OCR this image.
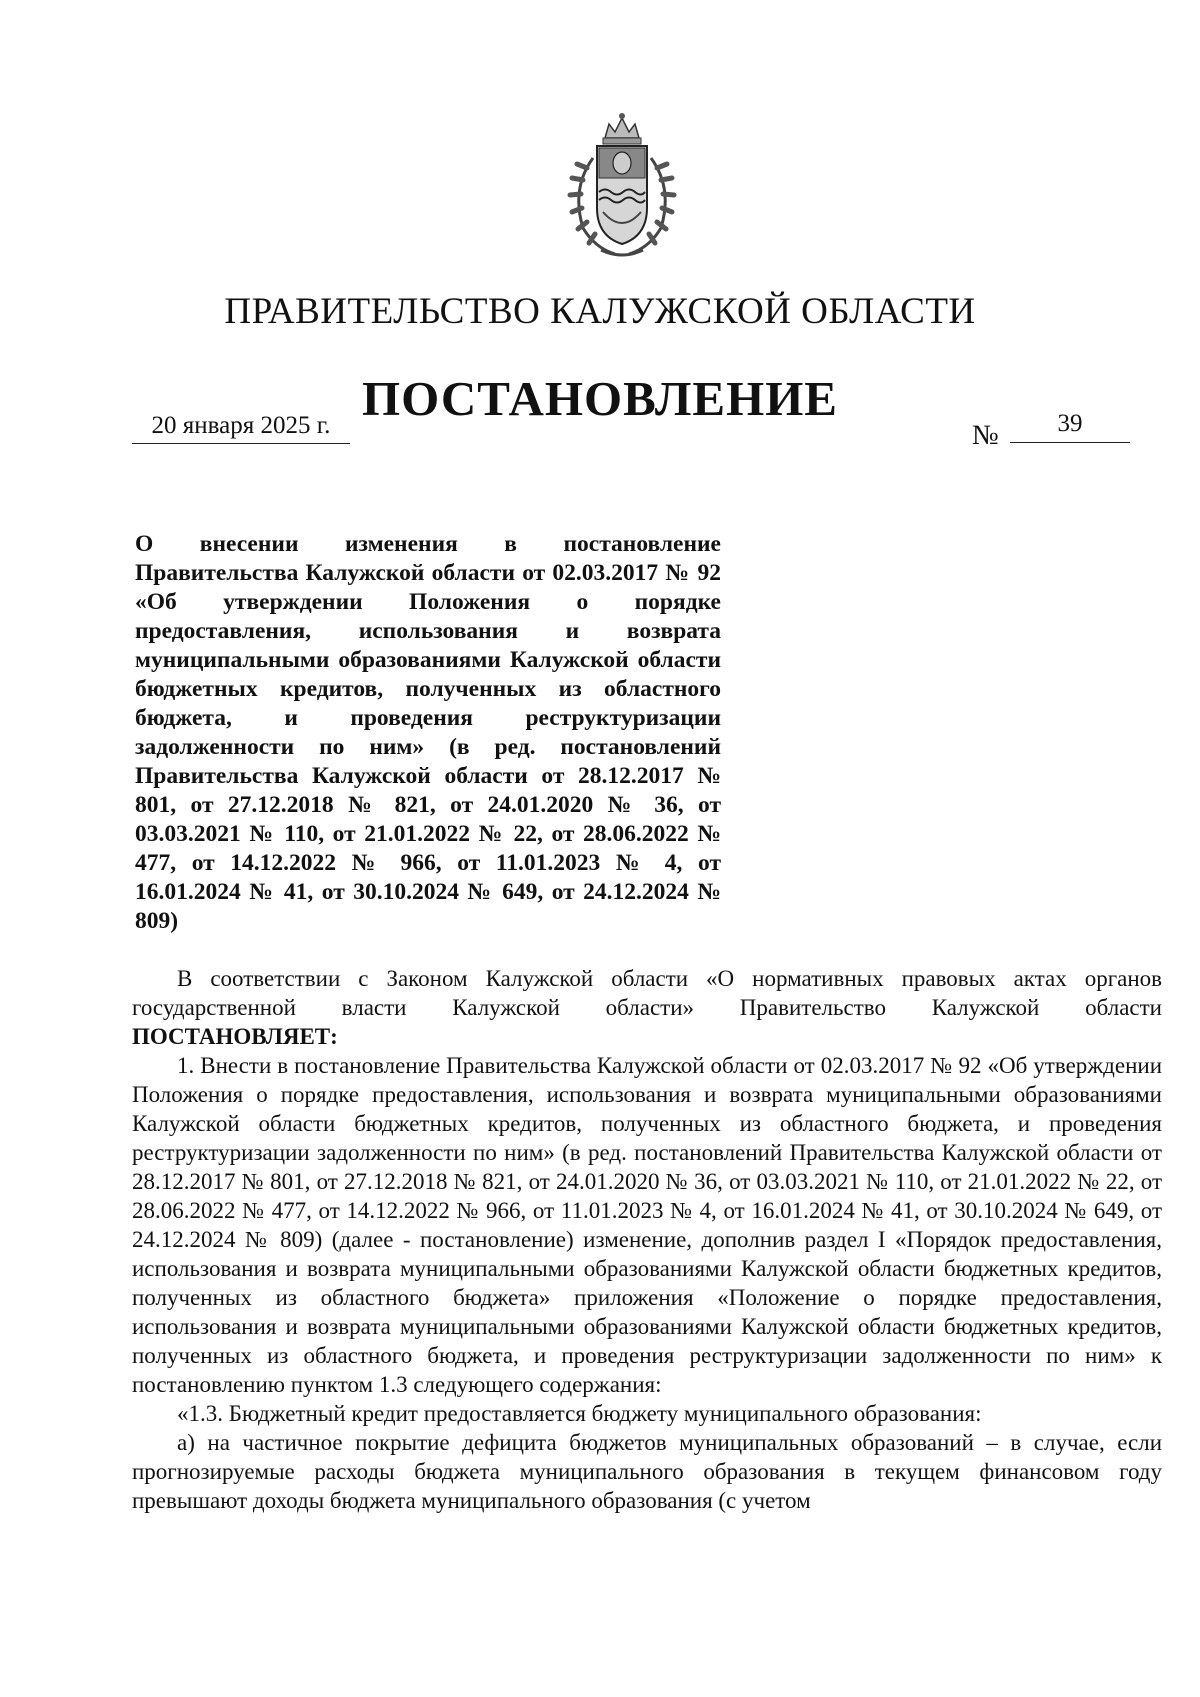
ПРАВИТЕЛЬСТВО КАЛУЖСКОЙ ОБЛАСТИ
ПОСТАНОВЛЕНИЕ
20 января 2025 г.	№	39
О внесении изменения в постановление Правительства Калужской области от 02.03.2017 № 92 «Об утверждении Положения о порядке предоставления, использования и возврата муниципальными образованиями Калужской области бюджетных кредитов, полученных из областного бюджета, и проведения реструктуризации задолженности по ним» (в ред. постановлений Правительства Калужской области от 28.12.2017 № 801, от 27.12.2018 № 821, от 24.01.2020 № 36, от 03.03.2021 № 110, от 21.01.2022 № 22, от 28.06.2022 № 477, от 14.12.2022 № 966, от 11.01.2023 № 4, от 16.01.2024 № 41, от 30.10.2024 № 649, от 24.12.2024 № 809)

В соответствии с Законом Калужской области «О нормативных правовых актах органов государственной власти Калужской области» Правительство Калужской области

ПОСТАНОВЛЯЕТ:

1. Внести в постановление Правительства Калужской области от 02.03.2017 № 92 «Об утверждении Положения о порядке предоставления, использования и возврата муниципальными образованиями Калужской области бюджетных кредитов, полученных из областного бюджета, и проведения реструктуризации задолженности по ним» (в ред. постановлений Правительства Калужской области от 28.12.2017 № 801, от 27.12.2018 № 821, от 24.01.2020 № 36, от 03.03.2021 № 110, от 21.01.2022 № 22, от 28.06.2022 № 477, от 14.12.2022 № 966, от 11.01.2023 № 4, от 16.01.2024 № 41, от 30.10.2024 № 649, от 24.12.2024 № 809) (далее - постановление) изменение, дополнив раздел I «Порядок предоставления, использования и возврата муниципальными образованиями Калужской области бюджетных кредитов, полученных из областного бюджета» приложения «Положение о порядке предоставления, использования и возврата муниципальными образованиями Калужской области бюджетных кредитов, полученных из областного бюджета, и проведения реструктуризации задолженности по ним» к постановлению пунктом 1.3 следующего содержания:

«1.3. Бюджетный кредит предоставляется бюджету муниципального образования:

а) на частичное покрытие дефицита бюджетов муниципальных образований – в случае, если прогнозируемые расходы бюджета муниципального образования в текущем финансовом году превышают доходы бюджета муниципального образования (с учетом
